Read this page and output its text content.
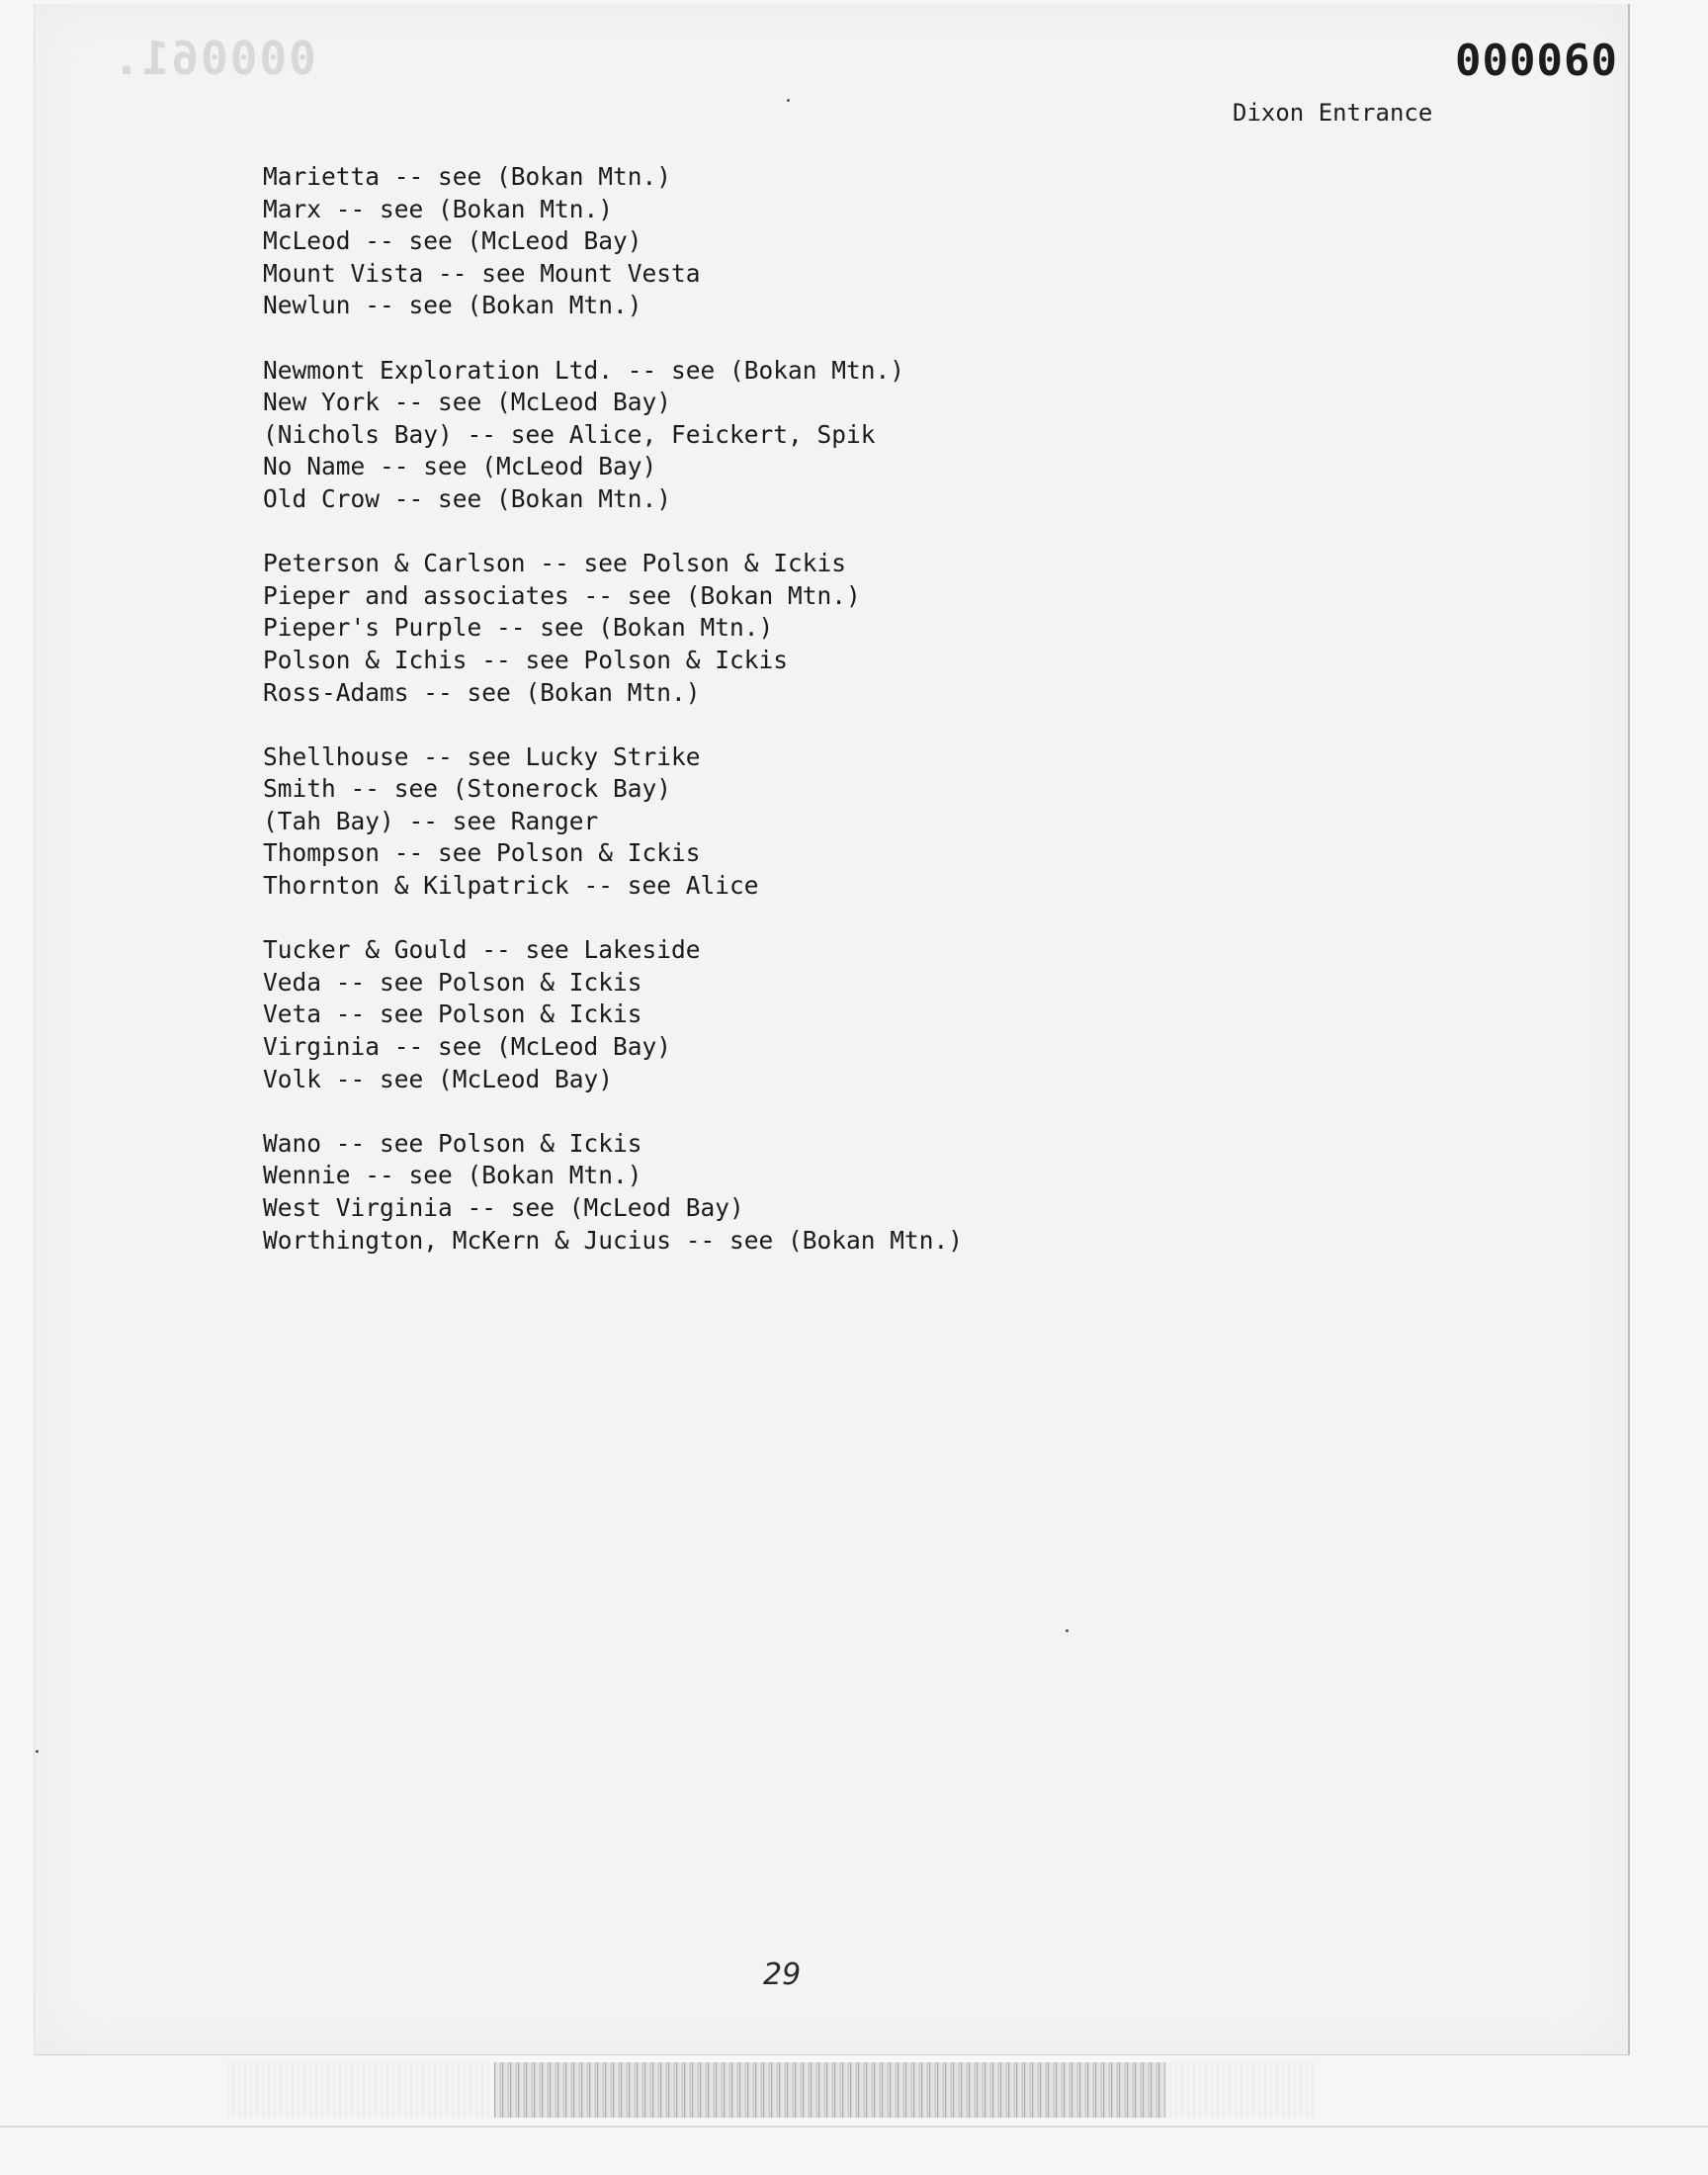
000061.	000060
Dixon Entrance
Marietta -- see (Bokan Mtn.)
Marx -- see (Bokan Mtn.)
McLeod -- see (McLeod Bay)
Mount Vista -- see Mount Vesta
Newlun -- see (Bokan Mtn.)
Newmont Exploration Ltd. -- see (Bokan Mtn.)
New York -- see (McLeod Bay)
(Nichols Bay) -- see Alice, Feickert, Spik
No Name -- see (McLeod Bay)
Old Crow -- see (Bokan Mtn.)
Peterson & Carlson -- see Polson & Ickis
Pieper and associates -- see (Bokan Mtn.)
Pieper's Purple -- see (Bokan Mtn.)
Polson & Ichis -- see Polson & Ickis
Ross-Adams -- see (Bokan Mtn.)
Shellhouse -- see Lucky Strike
Smith -- see (Stonerock Bay)
(Tah Bay) -- see Ranger
Thompson -- see Polson & Ickis
Thornton & Kilpatrick -- see Alice
Tucker & Gould -- see Lakeside
Veda -- see Polson & Ickis
Veta -- see Polson & Ickis
Virginia -- see (McLeod Bay)
Volk -- see (McLeod Bay)
Wano -- see Polson & Ickis
Wennie -- see (Bokan Mtn.)
West Virginia -- see (McLeod Bay)
Worthington, McKern & Jucius -- see (Bokan Mtn.)
29
